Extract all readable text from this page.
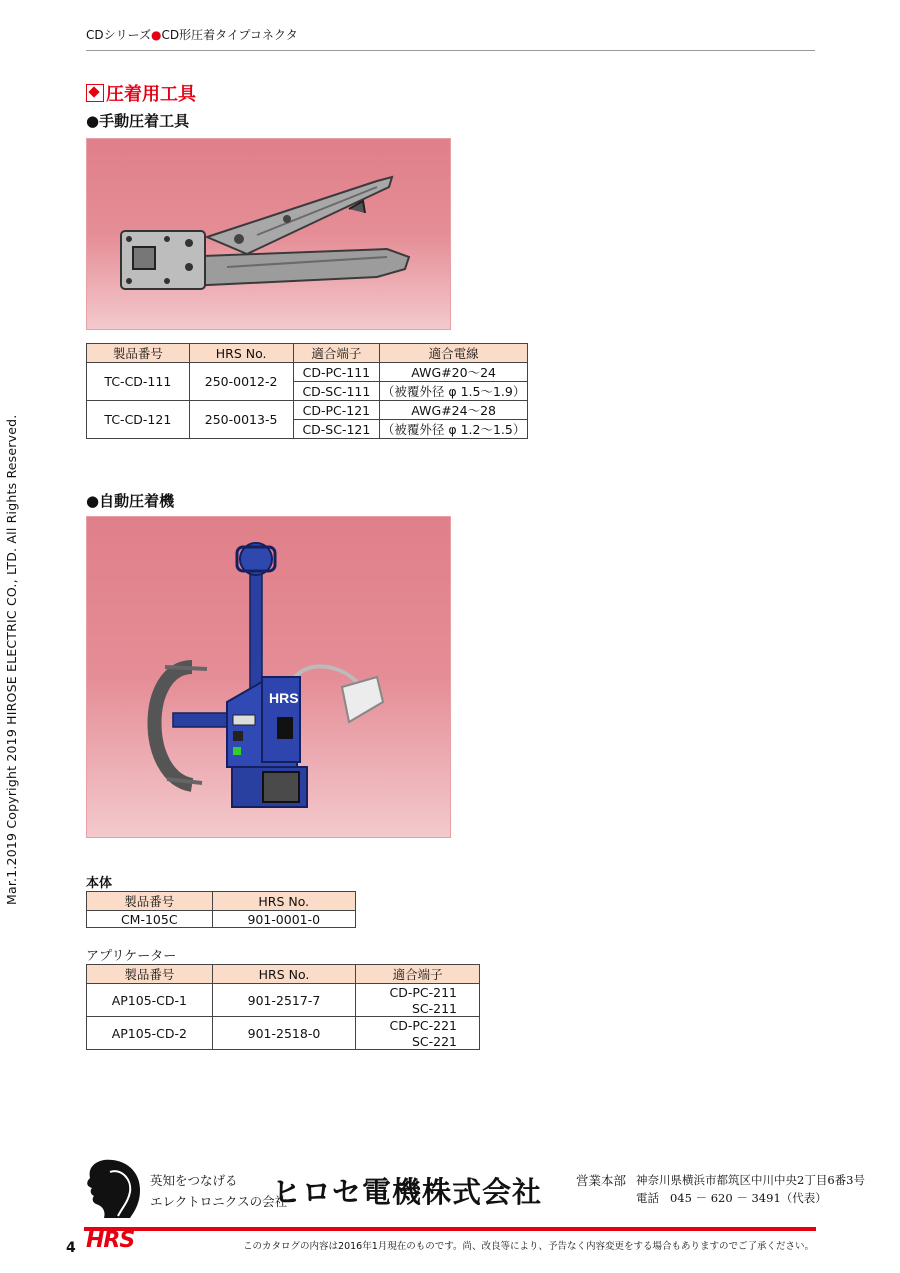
CDシリーズ●CD形圧着タイプコネクタ
圧着用工具
●手動圧着工具
製品番号	HRS No.	適合端子	適合電線
TC-CD-111	250-0012-2	CD-PC-111	AWG#20～24
		CD-SC-111	（被覆外径 φ 1.5～1.9）
TC-CD-121	250-0013-5	CD-PC-121	AWG#24～28
		CD-SC-121	（被覆外径 φ 1.2～1.5）
●自動圧着機
HRS
本体
製品番号	HRS No.
CM-105C	901-0001-0
アプリケーター
製品番号	HRS No.	適合端子
AP105-CD-1	901-2517-7	CD-PC-211
		SC-211
AP105-CD-2	901-2518-0	CD-PC-221
		SC-221
Mar.1.2019 Copyright 2019 HIROSE ELECTRIC CO., LTD. All Rights Reserved.
英知をつなげる
エレクトロニクスの会社
ヒロセ電機株式会社	営業本部 神奈川県横浜市都筑区中川中央2丁目6番3号
電話 045 － 620 － 3491（代表）
4 HRS	このカタログの内容は2016年1月現在のものです。尚、改良等により、予告なく内容変更をする場合もありますのでご了承ください。
